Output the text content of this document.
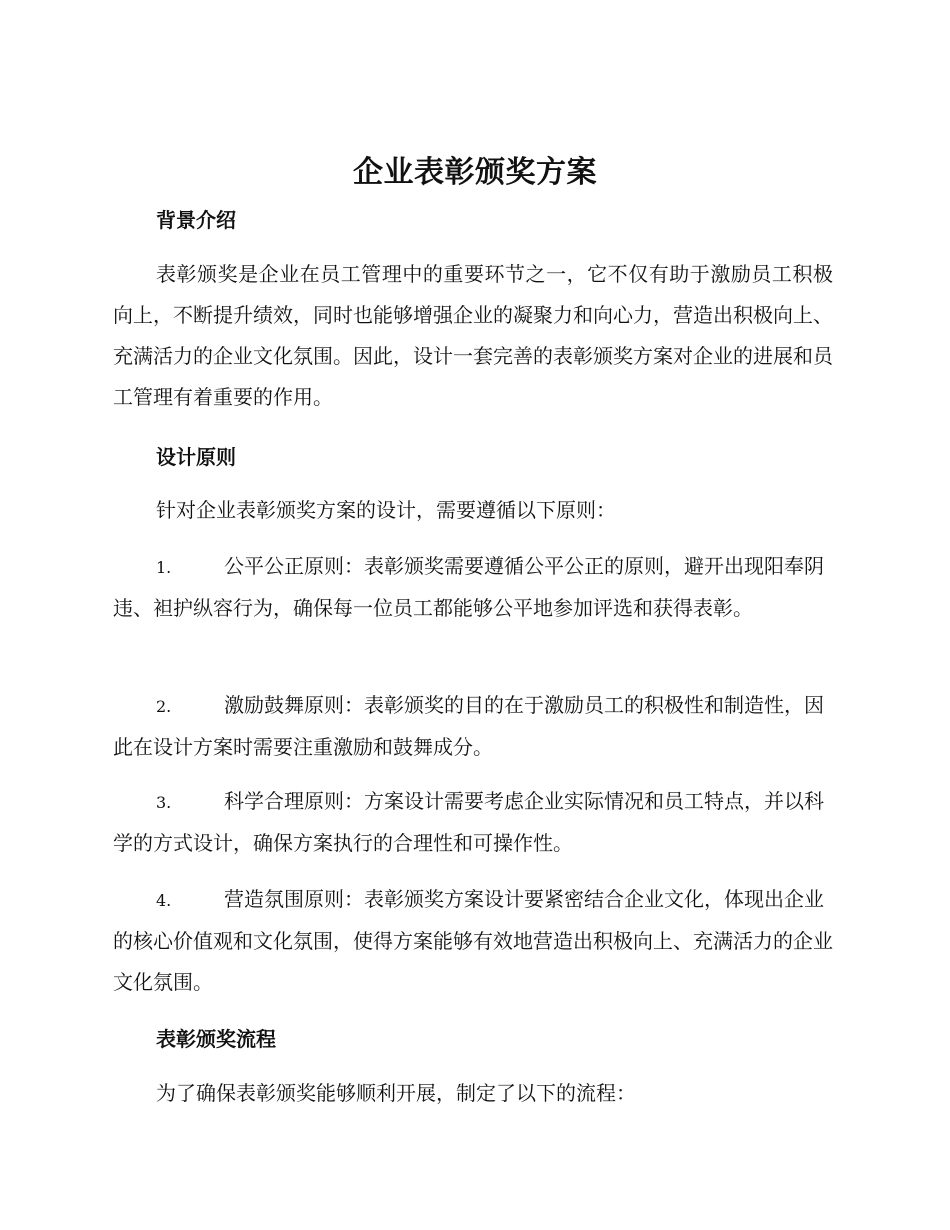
企业表彰颁奖方案
背景介绍

表彰颁奖是企业在员工管理中的重要环节之一，它不仅有助于激励员工积极向上，不断提升绩效，同时也能够增强企业的凝聚力和向心力，营造出积极向上、充满活力的企业文化氛围。因此，设计一套完善的表彰颁奖方案对企业的进展和员工管理有着重要的作用。

设计原则

针对企业表彰颁奖方案的设计，需要遵循以下原则：

1.	公平公正原则：表彰颁奖需要遵循公平公正的原则，避开出现阳奉阴违、袒护纵容行为，确保每一位员工都能够公平地参加评选和获得表彰。

2.	激励鼓舞原则：表彰颁奖的目的在于激励员工的积极性和制造性，因此在设计方案时需要注重激励和鼓舞成分。

3.	科学合理原则：方案设计需要考虑企业实际情况和员工特点，并以科学的方式设计，确保方案执行的合理性和可操作性。

4.	营造氛围原则：表彰颁奖方案设计要紧密结合企业文化，体现出企业的核心价值观和文化氛围，使得方案能够有效地营造出积极向上、充满活力的企业文化氛围。

表彰颁奖流程

为了确保表彰颁奖能够顺利开展，制定了以下的流程：
